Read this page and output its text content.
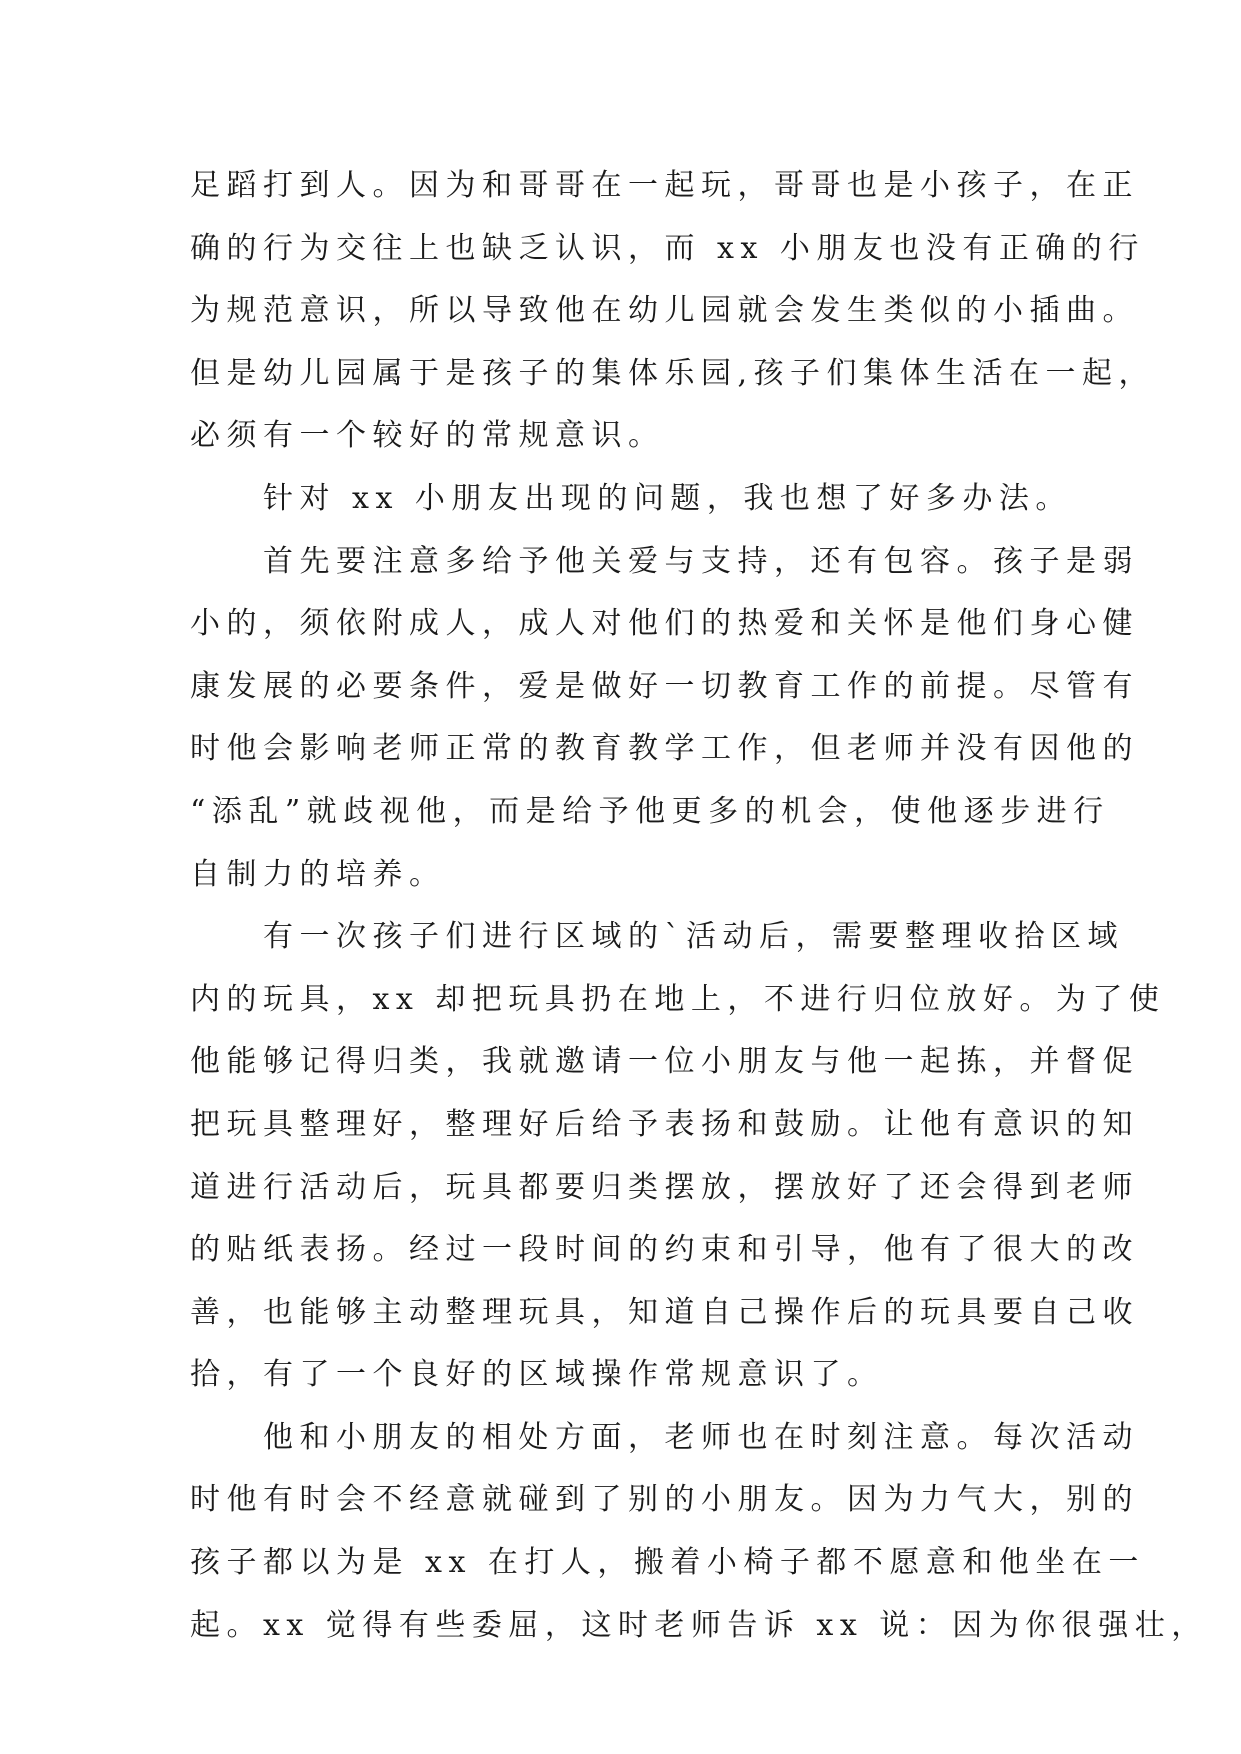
足蹈打到人。因为和哥哥在一起玩，哥哥也是小孩子，在正
确的行为交往上也缺乏认识，而 xx 小朋友也没有正确的行
为规范意识，所以导致他在幼儿园就会发生类似的小插曲。
但是幼儿园属于是孩子的集体乐园,孩子们集体生活在一起，
必须有一个较好的常规意识。
针对 xx 小朋友出现的问题，我也想了好多办法。
首先要注意多给予他关爱与支持，还有包容。孩子是弱
小的，须依附成人，成人对他们的热爱和关怀是他们身心健
康发展的必要条件，爱是做好一切教育工作的前提。尽管有
时他会影响老师正常的教育教学工作，但老师并没有因他的
“添乱”就歧视他，而是给予他更多的机会，使他逐步进行
自制力的培养。
有一次孩子们进行区域的`活动后，需要整理收拾区域
内的玩具，xx 却把玩具扔在地上，不进行归位放好。为了使
他能够记得归类，我就邀请一位小朋友与他一起拣，并督促
把玩具整理好，整理好后给予表扬和鼓励。让他有意识的知
道进行活动后，玩具都要归类摆放，摆放好了还会得到老师
的贴纸表扬。经过一段时间的约束和引导，他有了很大的改
善，也能够主动整理玩具，知道自己操作后的玩具要自己收
拾，有了一个良好的区域操作常规意识了。
他和小朋友的相处方面，老师也在时刻注意。每次活动
时他有时会不经意就碰到了别的小朋友。因为力气大，别的
孩子都以为是 xx 在打人，搬着小椅子都不愿意和他坐在一
起。xx 觉得有些委屈，这时老师告诉 xx 说：因为你很强壮，
